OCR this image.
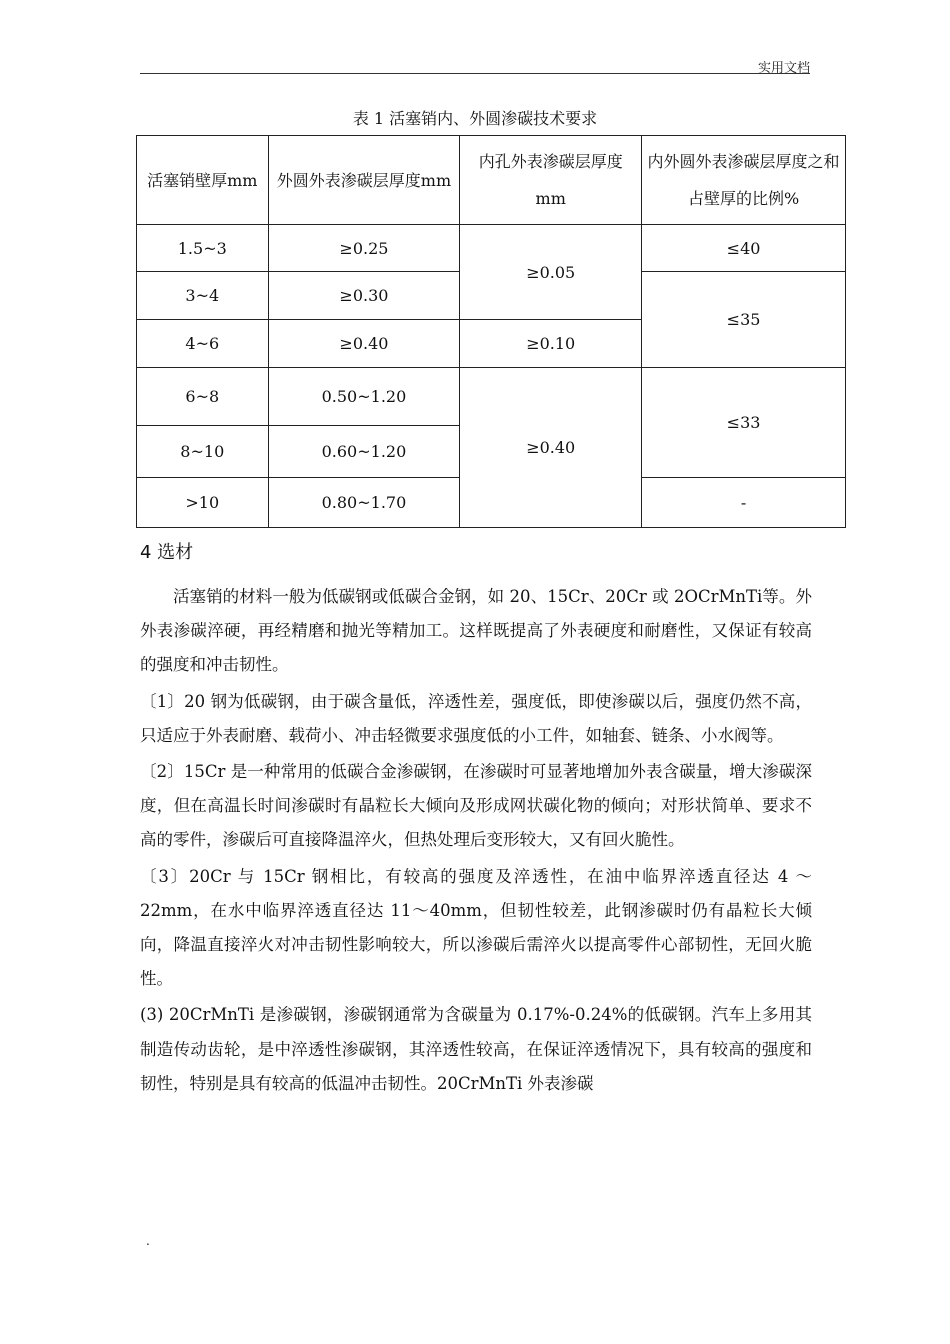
实用文档
表 1 活塞销内、外圆渗碳技术要求
活塞销壁厚mm	外圆外表渗碳层厚度mm	内孔外表渗碳层厚度 mm	内外圆外表渗碳层厚度之和占壁厚的比例%
1.5~3	≥0.25	≥0.05	≤40
3~4	≥0.30		≤35
4~6	≥0.40	≥0.10	
6~8	0.50~1.20	≥0.40	≤33
8~10	0.60~1.20		
>10	0.80~1.70		-
4 选材

活塞销的材料一般为低碳钢或低碳合金钢，如 20、15Cr、20Cr 或 2OCrMnTi等。外外表渗碳淬硬，再经精磨和抛光等精加工。这样既提高了外表硬度和耐磨性，又保证有较高的强度和冲击韧性。

〔1〕20 钢为低碳钢，由于碳含量低，淬透性差，强度低，即使渗碳以后，强度仍然不高，只适应于外表耐磨、载荷小、冲击轻微要求强度低的小工件，如轴套、链条、小水阀等。

〔2〕15Cr 是一种常用的低碳合金渗碳钢，在渗碳时可显著地增加外表含碳量，增大渗碳深度，但在高温长时间渗碳时有晶粒长大倾向及形成网状碳化物的倾向；对形状简单、要求不高的零件，渗碳后可直接降温淬火，但热处理后变形较大，又有回火脆性。

〔3〕20Cr 与 15Cr 钢相比，有较高的强度及淬透性，在油中临界淬透直径达 4 ～22mm，在水中临界淬透直径达 11～40mm，但韧性较差，此钢渗碳时仍有晶粒长大倾向，降温直接淬火对冲击韧性影响较大，所以渗碳后需淬火以提高零件心部韧性，无回火脆性。

(3) 20CrMnTi 是渗碳钢，渗碳钢通常为含碳量为 0.17%-0.24%的低碳钢。汽车上多用其制造传动齿轮，是中淬透性渗碳钢，其淬透性较高，在保证淬透情况下，具有较高的强度和韧性，特别是具有较高的低温冲击韧性。20CrMnTi 外表渗碳

.
